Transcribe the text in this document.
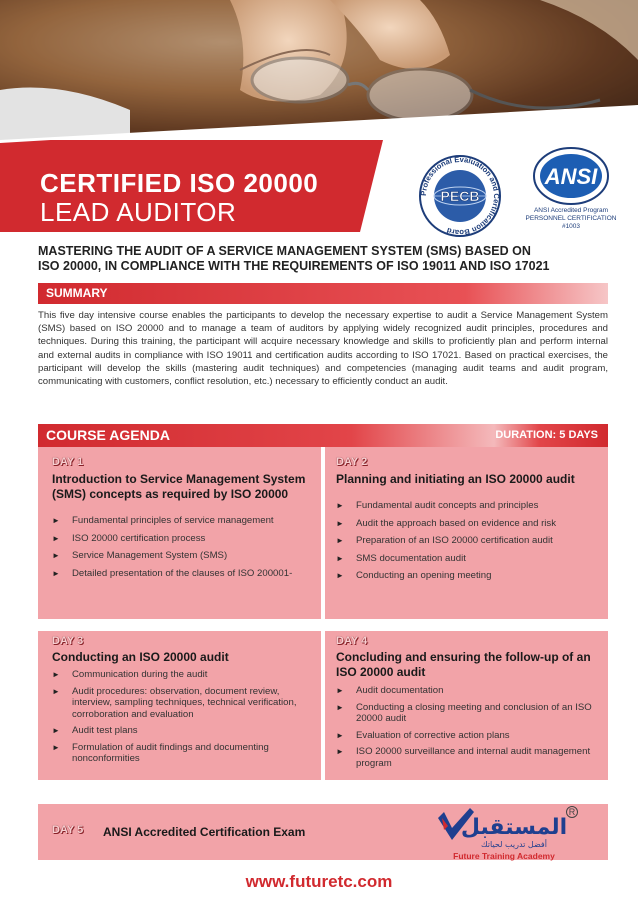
CERTIFIED ISO 20000
LEAD AUDITOR
Professional Evaluation and Certification Board
PECB
ANSI
ANSI Accredited Program
PERSONNEL CERTIFICATION
#1003
MASTERING THE AUDIT OF A SERVICE MANAGEMENT SYSTEM (SMS) BASED ON
ISO 20000, IN COMPLIANCE WITH THE REQUIREMENTS OF ISO 19011 AND ISO 17021
SUMMARY

This five day intensive course enables the participants to develop the necessary expertise to audit a Service Management System (SMS) based on ISO 20000 and to manage a team of auditors by applying widely recognized audit principles, procedures and techniques. During this training, the participant will acquire necessary knowledge and skills to proficiently plan and perform internal and external audits in compliance with ISO 19011 and certification audits according to ISO 17021. Based on practical exercises, the participant will develop the skills (mastering audit techniques) and competencies (managing audit teams and audit program, communicating with customers, conflict resolution, etc.) necessary to efficiently conduct an audit.

COURSE AGENDA	DURATION: 5 DAYS
DAY 1
Introduction to Service Management System (SMS) concepts as required by ISO 20000
► Fundamental principles of service management
► ISO 20000 certification process
► Service Management System (SMS)
► Detailed presentation of the clauses of ISO 200001-
DAY 2
Planning and initiating an ISO 20000 audit
► Fundamental audit concepts and principles
► Audit the approach based on evidence and risk
► Preparation of an ISO 20000 certification audit
► SMS documentation audit
► Conducting an opening meeting
DAY 3
Conducting an ISO 20000 audit
► Communication during the audit
► Audit procedures: observation, document review, interview, sampling techniques, technical verification, corroboration and evaluation
► Audit test plans
► Formulation of audit findings and documenting nonconformities
DAY 4
Concluding and ensuring the follow-up of an ISO 20000 audit
► Audit documentation
► Conducting a closing meeting and conclusion of an ISO 20000 audit
► Evaluation of corrective action plans
► ISO 20000 surveillance and internal audit management program
DAY 5 ANSI Accredited Certification Exam	المستقبل
أفضل تدريب لحياتك
Future Training Academy
R
www.futuretc.com
